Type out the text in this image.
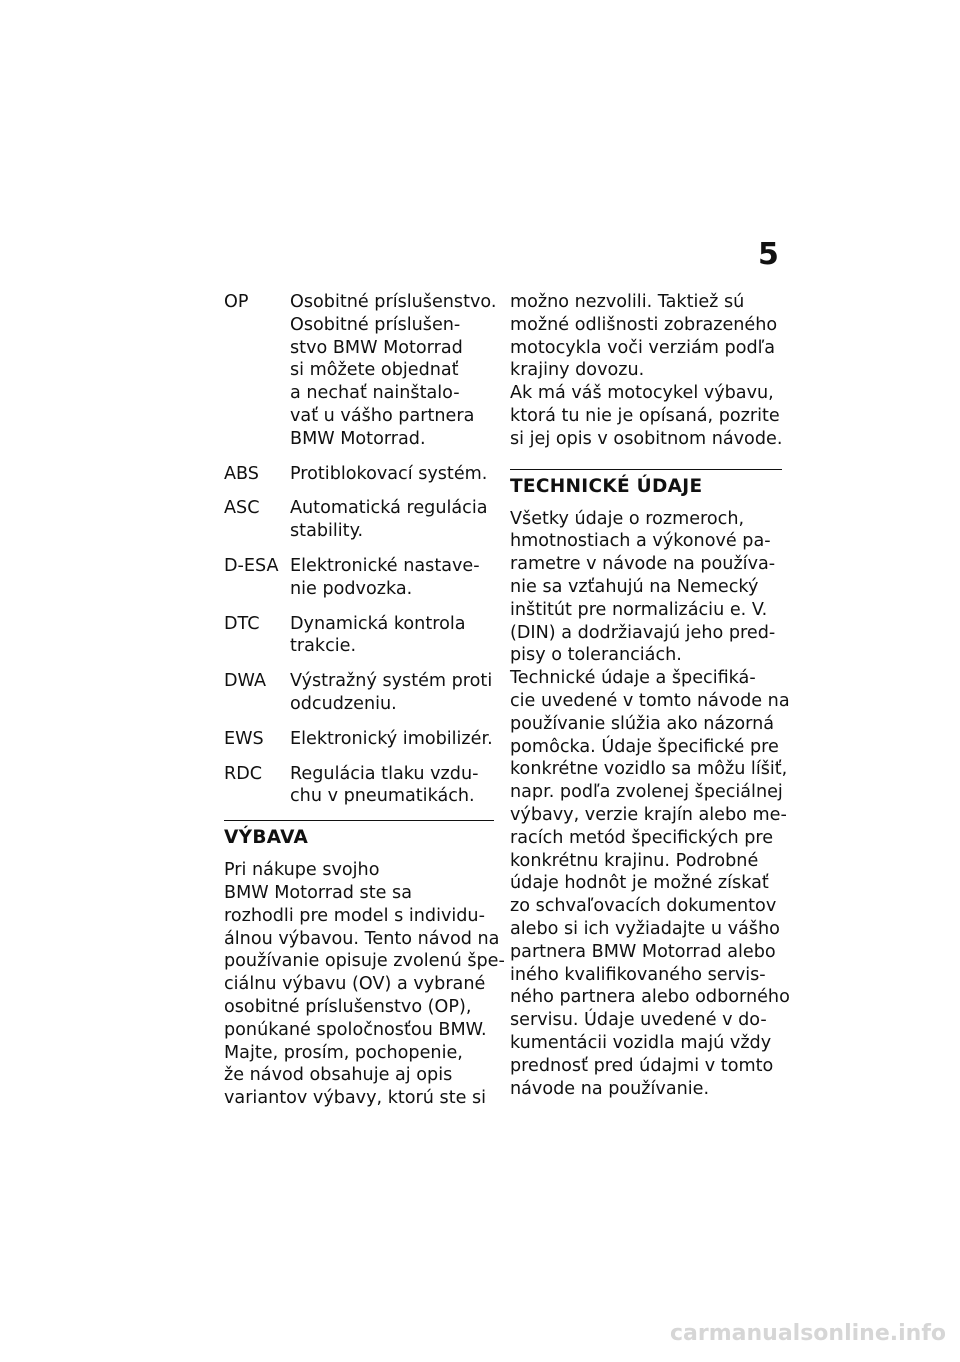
5
OP	Osobitné príslušenstvo.
Osobitné príslušen-
stvo BMW Motorrad
si môžete objednať
a nechať nainštalo-
vať u vášho partnera
BMW Motorrad.
ABS	Protiblokovací systém.
ASC	Automatická regulácia
stability.
D-ESA Elektronické nastave-
nie podvozka.
DTC	Dynamická kontrola
trakcie.
DWA	Výstražný systém proti
odcudzeniu.
EWS	Elektronický imobilizér.
RDC	Regulácia tlaku vzdu-
chu v pneumatikách.
VÝBAVA
Pri nákupe svojho
BMW Motorrad ste sa
rozhodli pre model s individu-
álnou výbavou. Tento návod na
používanie opisuje zvolenú špe-
ciálnu výbavu (OV) a vybrané
osobitné príslušenstvo (OP),
ponúkané spoločnosťou BMW.
Majte, prosím, pochopenie,
že návod obsahuje aj opis
variantov výbavy, ktorú ste si
možno nezvolili. Taktiež sú
možné odlišnosti zobrazeného
motocykla voči verziám podľa
krajiny dovozu.
Ak má váš motocykel výbavu,
ktorá tu nie je opísaná, pozrite
si jej opis v osobitnom návode.
TECHNICKÉ ÚDAJE
Všetky údaje o rozmeroch,
hmotnostiach a výkonové pa-
rametre v návode na používa-
nie sa vzťahujú na Nemecký
inštitút pre normalizáciu e. V.
(DIN) a dodržiavajú jeho pred-
pisy o toleranciách.
Technické údaje a špecifiká-
cie uvedené v tomto návode na
používanie slúžia ako názorná
pomôcka. Údaje špecifické pre
konkrétne vozidlo sa môžu líšiť,
napr. podľa zvolenej špeciálnej
výbavy, verzie krajín alebo me-
racích metód špecifických pre
konkrétnu krajinu. Podrobné
údaje hodnôt je možné získať
zo schvaľovacích dokumentov
alebo si ich vyžiadajte u vášho
partnera BMW Motorrad alebo
iného kvalifikovaného servis-
ného partnera alebo odborného
servisu. Údaje uvedené v do-
kumentácii vozidla majú vždy
prednosť pred údajmi v tomto
návode na používanie.
carmanualsonline.info
